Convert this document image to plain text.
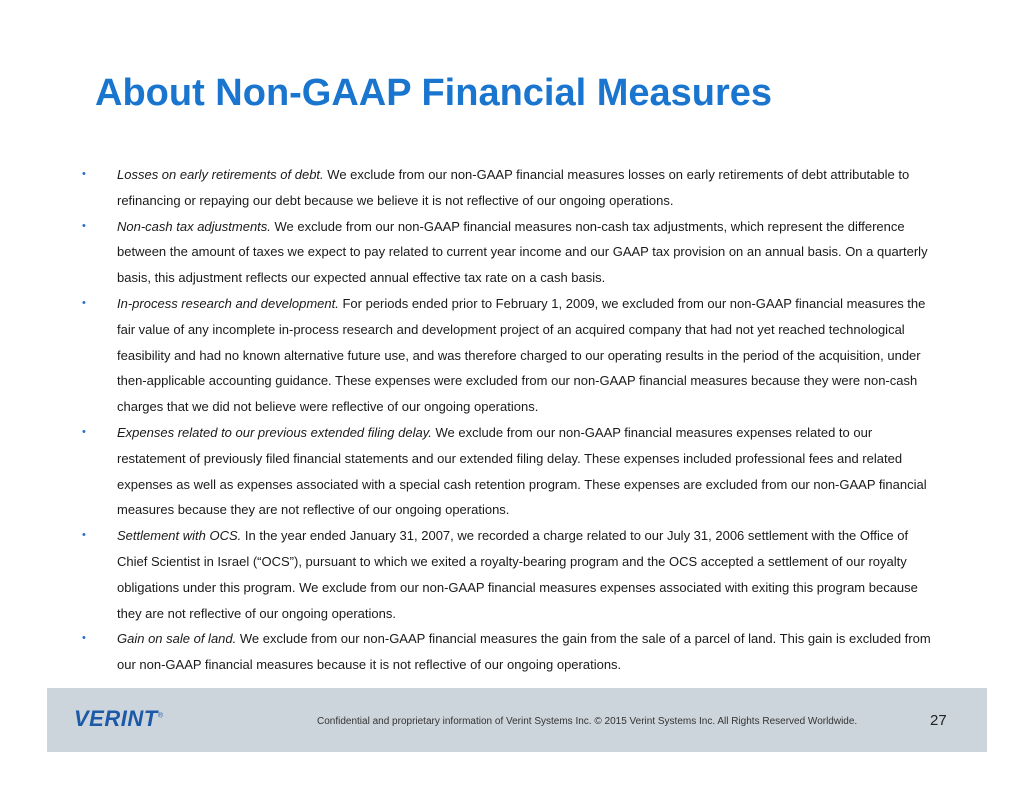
About Non-GAAP Financial Measures
• Losses on early retirements of debt. We exclude from our non-GAAP financial measures losses on early retirements of debt attributable to refinancing or repaying our debt because we believe it is not reflective of our ongoing operations.
• Non-cash tax adjustments. We exclude from our non-GAAP financial measures non-cash tax adjustments, which represent the difference between the amount of taxes we expect to pay related to current year income and our GAAP tax provision on an annual basis. On a quarterly basis, this adjustment reflects our expected annual effective tax rate on a cash basis.
• In-process research and development. For periods ended prior to February 1, 2009, we excluded from our non-GAAP financial measures the fair value of any incomplete in-process research and development project of an acquired company that had not yet reached technological feasibility and had no known alternative future use, and was therefore charged to our operating results in the period of the acquisition, under then-applicable accounting guidance. These expenses were excluded from our non-GAAP financial measures because they were non-cash charges that we did not believe were reflective of our ongoing operations.
• Expenses related to our previous extended filing delay. We exclude from our non-GAAP financial measures expenses related to our restatement of previously filed financial statements and our extended filing delay. These expenses included professional fees and related expenses as well as expenses associated with a special cash retention program. These expenses are excluded from our non-GAAP financial measures because they are not reflective of our ongoing operations.
• Settlement with OCS. In the year ended January 31, 2007, we recorded a charge related to our July 31, 2006 settlement with the Office of Chief Scientist in Israel (“OCS”), pursuant to which we exited a royalty-bearing program and the OCS accepted a settlement of our royalty obligations under this program. We exclude from our non-GAAP financial measures expenses associated with exiting this program because they are not reflective of our ongoing operations.
• Gain on sale of land. We exclude from our non-GAAP financial measures the gain from the sale of a parcel of land. This gain is excluded from our non-GAAP financial measures because it is not reflective of our ongoing operations.
VERINT®	Confidential and proprietary information of Verint Systems Inc. © 2015 Verint Systems Inc. All Rights Reserved Worldwide.	27
